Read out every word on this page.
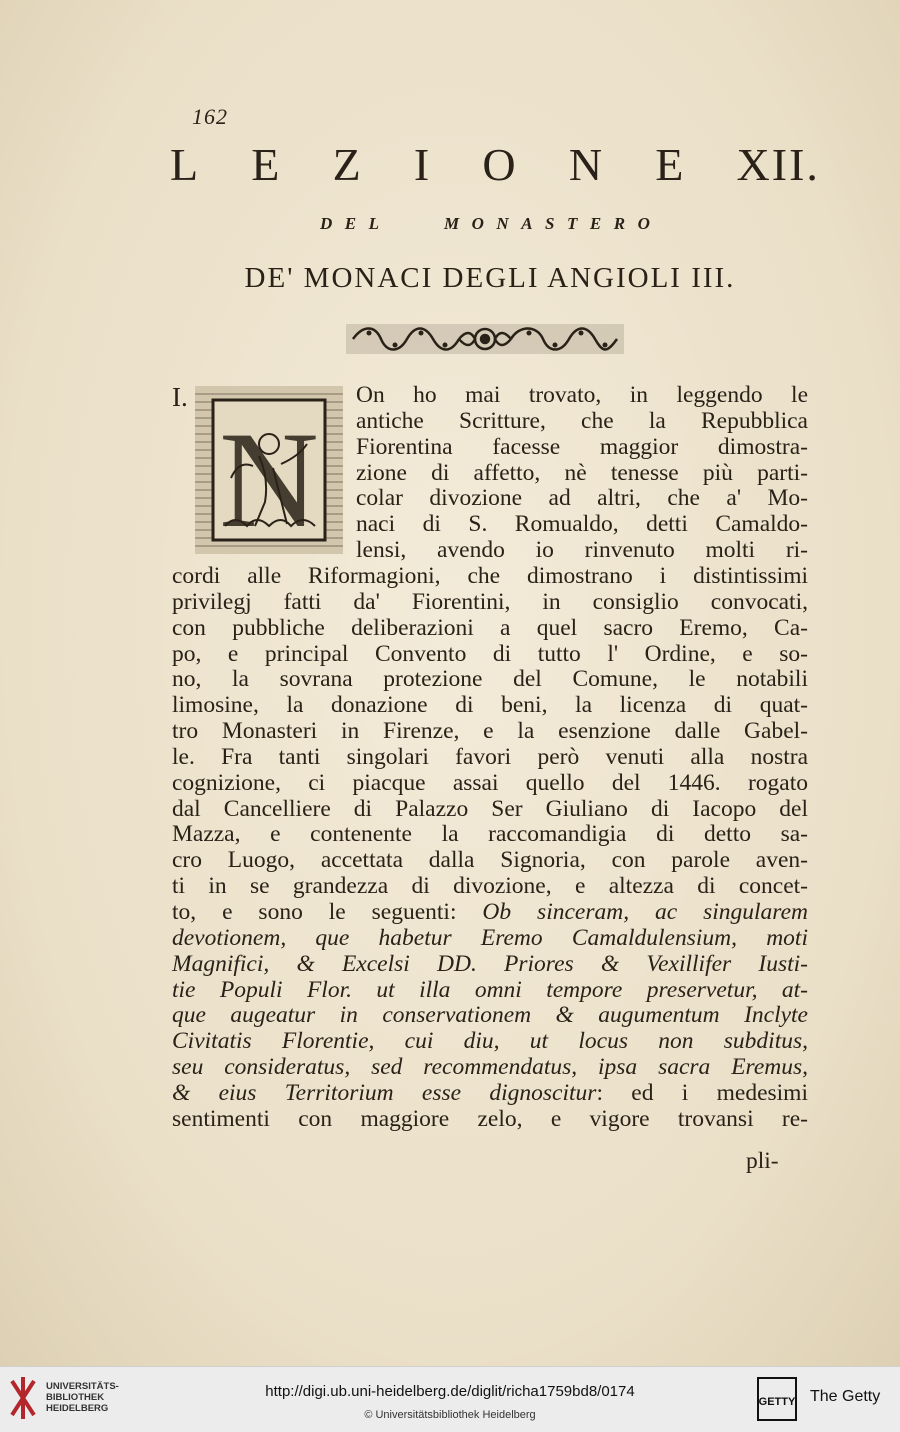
162
L E Z I O N E XII.
D E L	M O N A S T E R O
DE' MONACI DEGLI ANGIOLI III.
I.
N
On ho mai trovato, in leggendo le
antiche Scritture, che la Repubblica
Fiorentina facesse maggior dimostra-
zione di affetto, nè tenesse più parti-
colar divozione ad altri, che a' Mo-
naci di S. Romualdo, detti Camaldo-
lensi, avendo io rinvenuto molti ri-
cordi alle Riformagioni, che dimostrano i distintissimi
privilegj fatti da' Fiorentini, in consiglio convocati,
con pubbliche deliberazioni a quel sacro Eremo, Ca-
po, e principal Convento di tutto l' Ordine, e so-
no, la sovrana protezione del Comune, le notabili
limosine, la donazione di beni, la licenza di quat-
tro Monasteri in Firenze, e la esenzione dalle Gabel-
le. Fra tanti singolari favori però venuti alla nostra
cognizione, ci piacque assai quello del 1446. rogato
dal Cancelliere di Palazzo Ser Giuliano di Iacopo del
Mazza, e contenente la raccomandigia di detto sa-
cro Luogo, accettata dalla Signoria, con parole aven-
ti in se grandezza di divozione, e altezza di concet-
to, e sono le seguenti: Ob sinceram, ac singularem
devotionem, que habetur Eremo Camaldulensium, moti
Magnifici, & Excelsi DD. Priores & Vexillifer Iusti-
tie Populi Flor. ut illa omni tempore preservetur, at-
que augeatur in conservationem & augumentum Inclyte
Civitatis Florentie, cui diu, ut locus non subditus,
seu consideratus, sed recommendatus, ipsa sacra Eremus,
& eius Territorium esse dignoscitur: ed i medesimi
sentimenti con maggiore zelo, e vigore trovansi re-
pli-
UNIVERSITÄTS-
BIBLIOTHEK
HEIDELBERG
http://digi.ub.uni-heidelberg.de/diglit/richa1759bd8/0174
© Universitätsbibliothek Heidelberg
GETTY The Getty
